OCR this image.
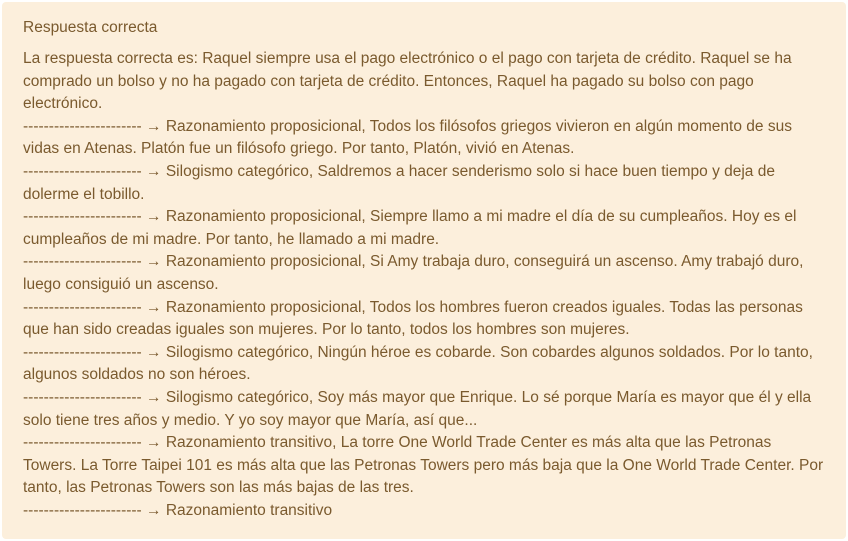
Respuesta correcta
La respuesta correcta es: Raquel siempre usa el pago electrónico o el pago con tarjeta de crédito. Raquel se ha comprado un bolso y no ha pagado con tarjeta de crédito. Entonces, Raquel ha pagado su bolso con pago electrónico.
----------------------- → Razonamiento proposicional, Todos los filósofos griegos vivieron en algún momento de sus vidas en Atenas. Platón fue un filósofo griego. Por tanto, Platón, vivió en Atenas.
----------------------- → Silogismo categórico, Saldremos a hacer senderismo solo si hace buen tiempo y deja de dolerme el tobillo.
----------------------- → Razonamiento proposicional, Siempre llamo a mi madre el día de su cumpleaños. Hoy es el cumpleaños de mi madre. Por tanto, he llamado a mi madre.
----------------------- → Razonamiento proposicional, Si Amy trabaja duro, conseguirá un ascenso. Amy trabajó duro, luego consiguió un ascenso.
----------------------- → Razonamiento proposicional, Todos los hombres fueron creados iguales. Todas las personas que han sido creadas iguales son mujeres. Por lo tanto, todos los hombres son mujeres.
----------------------- → Silogismo categórico, Ningún héroe es cobarde. Son cobardes algunos soldados. Por lo tanto, algunos soldados no son héroes.
----------------------- → Silogismo categórico, Soy más mayor que Enrique. Lo sé porque María es mayor que él y ella solo tiene tres años y medio. Y yo soy mayor que María, así que...
----------------------- → Razonamiento transitivo, La torre One World Trade Center es más alta que las Petronas Towers. La Torre Taipei 101 es más alta que las Petronas Towers pero más baja que la One World Trade Center. Por tanto, las Petronas Towers son las más bajas de las tres.
----------------------- → Razonamiento transitivo
